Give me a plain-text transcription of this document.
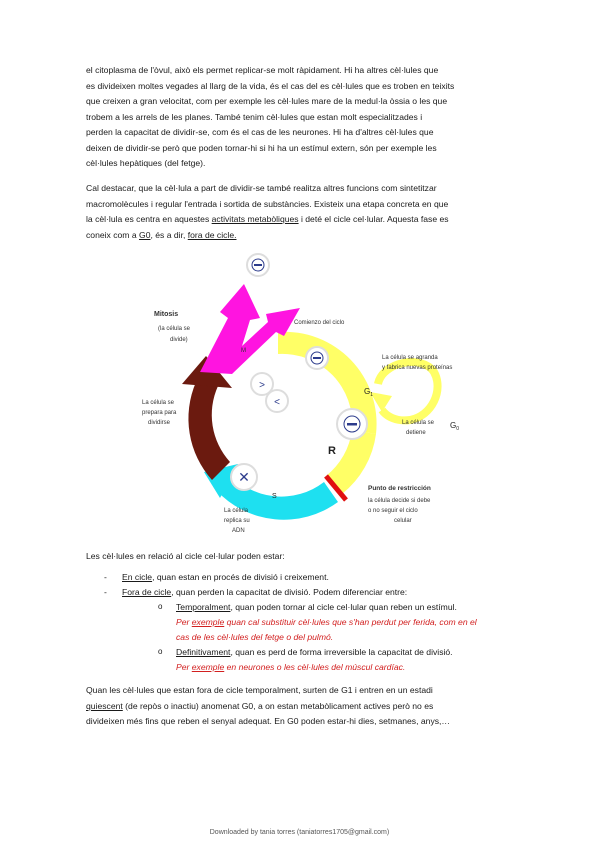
el citoplasma de l'òvul, això els permet replicar-se molt ràpidament. Hi ha altres cèl·lules que
es divideixen moltes vegades al llarg de la vida, és el cas del es cèl·lules que es troben en teixits
que creixen a gran velocitat, com per exemple les cèl·lules mare de la medul·la òssia o les que
trobem a les arrels de les planes. També tenim cèl·lules que estan molt especialitzades i
perden la capacitat de dividir-se, com és el cas de les neurones. Hi ha d'altres cèl·lules que
deixen de dividir-se però que poden tornar-hi si hi ha un estímul extern, són per exemple les
cèl·lules hepàtiques (del fetge).
Cal destacar, que la cèl·lula a part de dividir-se també realitza altres funcions com sintetitzar
macromolècules i regular l'entrada i sortida de substàncies. Existeix una etapa concreta en que
la cèl·lula es centra en aquestes activitats metabòliques i deté el cicle cel·lular. Aquesta fase es
coneix com a G0, és a dir, fora de cicle.
✕
˃
˂
Mitosis
(la célula se
divide)
Comienzo del ciclo
La célula se agranda
y fabrica nuevas proteínas
$G_1$
La célula se
detiene
$G_0$
R
Punto de restricción
la célula decide si debe
o no seguir el ciclo
celular
S
La célula
replica su
ADN
$G_2$
La célula se
prepara para
dividirse
M
Les cèl·lules en relació al cicle cel·lular poden estar:
- En cicle, quan estan en procés de divisió i creixement.
- Fora de cicle, quan perden la capacitat de divisió. Podem diferenciar entre:
o Temporalment, quan poden tornar al cicle cel·lular quan reben un estímul.
Per exemple quan cal substituir cèl·lules que s'han perdut per ferida, com en el
cas de les cèl·lules del fetge o del pulmó.
o Definitivament, quan es perd de forma irreversible la capacitat de divisió.
Per exemple en neurones o les cèl·lules del múscul cardíac.
Quan les cèl·lules que estan fora de cicle temporalment, surten de G1 i entren en un estadi
quiescent (de repòs o inactiu) anomenat G0, a on estan metabòlicament actives però no es
divideixen més fins que reben el senyal adequat. En G0 poden estar-hi dies, setmanes, anys,…
Downloaded by tania torres (taniatorres1705@gmail.com)
